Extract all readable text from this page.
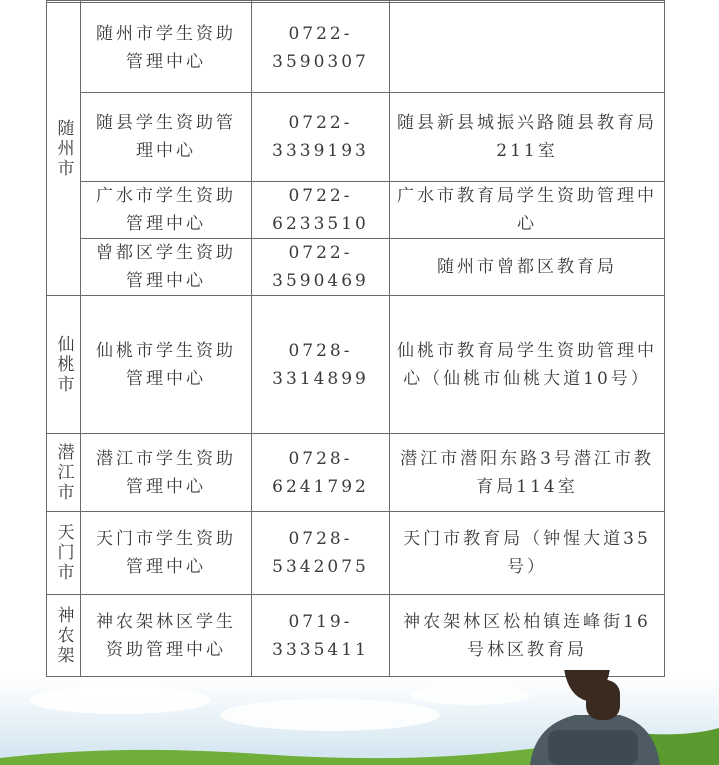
随州市	随州市学生资助管理中心	0722-3590307	
	随县学生资助管理中心	0722-3339193	随县新县城振兴路随县教育局211室
	广水市学生资助管理中心	0722-6233510	广水市教育局学生资助管理中心
	曾都区学生资助管理中心	0722-3590469	随州市曾都区教育局
仙桃市	仙桃市学生资助管理中心	0728-3314899	仙桃市教育局学生资助管理中心（仙桃市仙桃大道10号）
潜江市	潜江市学生资助管理中心	0728-6241792	潜江市潜阳东路3号潜江市教育局114室
天门市	天门市学生资助管理中心	0728-5342075	天门市教育局（钟惺大道35号）
神农架	神农架林区学生资助管理中心	0719-3335411	神农架林区松柏镇连峰街16号林区教育局
